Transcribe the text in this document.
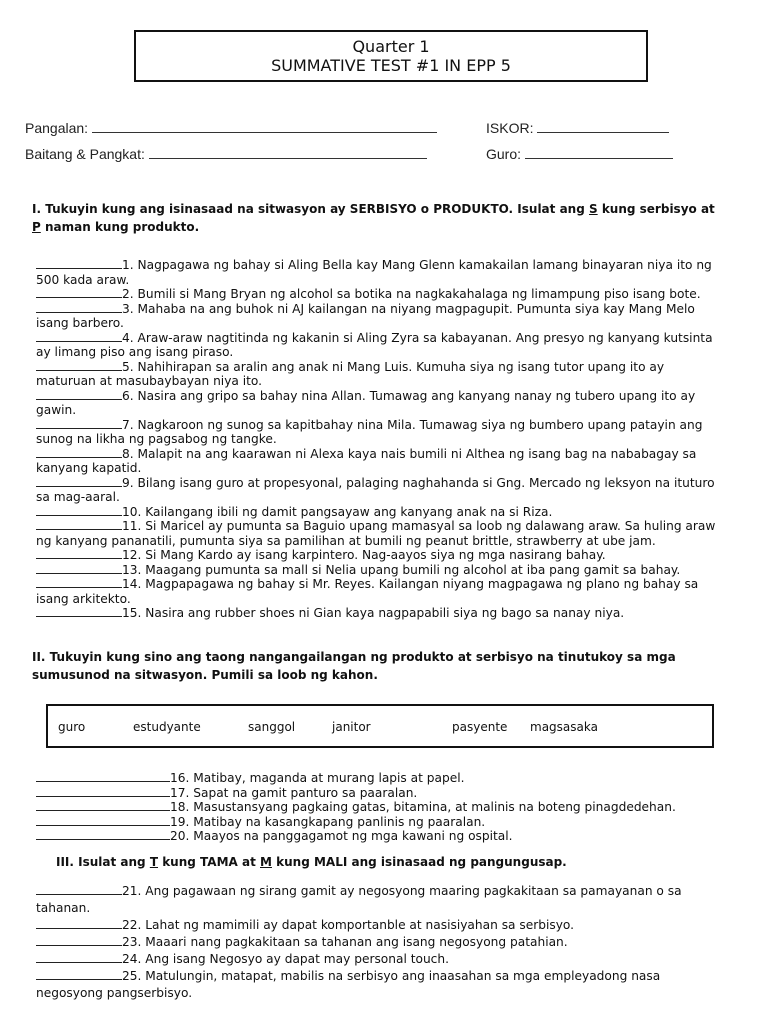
Quarter 1
SUMMATIVE TEST #1 IN EPP 5
Pangalan:	ISKOR:
Baitang & Pangkat:	Guro:
I. Tukuyin kung ang isinasaad na sitwasyon ay SERBISYO o PRODUKTO. Isulat ang S kung serbisyo at P naman kung produkto.

1. Nagpagawa ng bahay si Aling Bella kay Mang Glenn kamakailan lamang binayaran niya ito ng 500 kada araw.

2. Bumili si Mang Bryan ng alcohol sa botika na nagkakahalaga ng limampung piso isang bote.

3. Mahaba na ang buhok ni AJ kailangan na niyang magpagupit. Pumunta siya kay Mang Melo isang barbero.

4. Araw-araw nagtitinda ng kakanin si Aling Zyra sa kabayanan. Ang presyo ng kanyang kutsinta ay limang piso ang isang piraso.

5. Nahihirapan sa aralin ang anak ni Mang Luis. Kumuha siya ng isang tutor upang ito ay maturuan at masubaybayan niya ito.

6. Nasira ang gripo sa bahay nina Allan. Tumawag ang kanyang nanay ng tubero upang ito ay gawin.

7. Nagkaroon ng sunog sa kapitbahay nina Mila. Tumawag siya ng bumbero upang patayin ang sunog na likha ng pagsabog ng tangke.

8. Malapit na ang kaarawan ni Alexa kaya nais bumili ni Althea ng isang bag na nababagay sa kanyang kapatid.

9. Bilang isang guro at propesyonal, palaging naghahanda si Gng. Mercado ng leksyon na ituturo sa mag-aaral.

10. Kailangang ibili ng damit pangsayaw ang kanyang anak na si Riza.

11. Si Maricel ay pumunta sa Baguio upang mamasyal sa loob ng dalawang araw. Sa huling araw ng kanyang pananatili, pumunta siya sa pamilihan at bumili ng peanut brittle, strawberry at ube jam.

12. Si Mang Kardo ay isang karpintero. Nag-aayos siya ng mga nasirang bahay.

13. Maagang pumunta sa mall si Nelia upang bumili ng alcohol at iba pang gamit sa bahay.

14. Magpapagawa ng bahay si Mr. Reyes. Kailangan niyang magpagawa ng plano ng bahay sa isang arkitekto.

15. Nasira ang rubber shoes ni Gian kaya nagpapabili siya ng bago sa nanay niya.

II. Tukuyin kung sino ang taong nangangailangan ng produkto at serbisyo na tinutukoy sa mga sumusunod na sitwasyon. Pumili sa loob ng kahon.
guro	estudyante	sanggol	janitor	pasyente magsasaka

16. Matibay, maganda at murang lapis at papel.

17. Sapat na gamit panturo sa paaralan.

18. Masustansyang pagkaing gatas, bitamina, at malinis na boteng pinagdedehan.

19. Matibay na kasangkapang panlinis ng paaralan.

20. Maayos na panggagamot ng mga kawani ng ospital.

III. Isulat ang T kung TAMA at M kung MALI ang isinasaad ng pangungusap.

21. Ang pagawaan ng sirang gamit ay negosyong maaring pagkakitaan sa pamayanan o sa tahanan.

22. Lahat ng mamimili ay dapat komportanble at nasisiyahan sa serbisyo.

23. Maaari nang pagkakitaan sa tahanan ang isang negosyong patahian.

24. Ang isang Negosyo ay dapat may personal touch.

25. Matulungin, matapat, mabilis na serbisyo ang inaasahan sa mga empleyadong nasa negosyong pangserbisyo.
